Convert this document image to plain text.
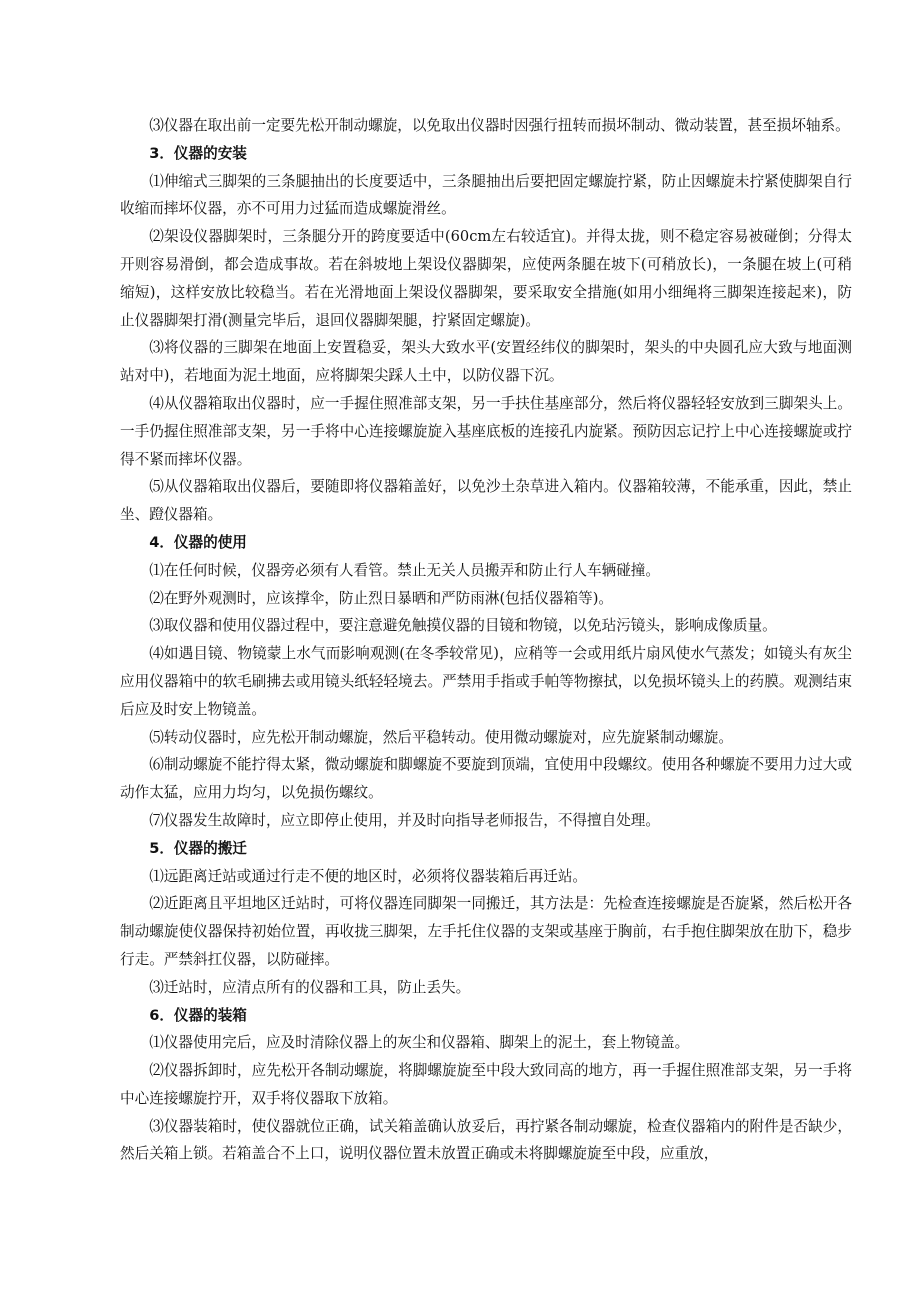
⑶仪器在取出前一定要先松开制动螺旋，以免取出仪器时因强行扭转而损坏制动、微动装置，甚至损坏轴系。

3．仪器的安装

⑴伸缩式三脚架的三条腿抽出的长度要适中，三条腿抽出后要把固定螺旋拧紧，防止因螺旋未拧紧使脚架自行收缩而摔坏仪器，亦不可用力过猛而造成螺旋滑丝。

⑵架设仪器脚架时，三条腿分开的跨度要适中(60cm左右较适宜)。并得太拢，则不稳定容易被碰倒；分得太开则容易滑倒，都会造成事故。若在斜坡地上架设仪器脚架，应使两条腿在坡下(可稍放长)，一条腿在坡上(可稍缩短)，这样安放比较稳当。若在光滑地面上架设仪器脚架，要采取安全措施(如用小细绳将三脚架连接起来)，防止仪器脚架打滑(测量完毕后，退回仪器脚架腿，拧紧固定螺旋)。

⑶将仪器的三脚架在地面上安置稳妥，架头大致水平(安置经纬仪的脚架时，架头的中央圆孔应大致与地面测站对中)，若地面为泥土地面，应将脚架尖踩人土中，以防仪器下沉。

⑷从仪器箱取出仪器时，应一手握住照准部支架，另一手扶住基座部分，然后将仪器轻轻安放到三脚架头上。一手仍握住照准部支架，另一手将中心连接螺旋旋入基座底板的连接孔内旋紧。预防因忘记拧上中心连接螺旋或拧得不紧而摔坏仪器。

⑸从仪器箱取出仪器后，要随即将仪器箱盖好，以免沙土杂草进入箱内。仪器箱较薄，不能承重，因此，禁止坐、蹬仪器箱。

4．仪器的使用

⑴在任何时候，仪器旁必须有人看管。禁止无关人员搬弄和防止行人车辆碰撞。

⑵在野外观测时，应该撑伞，防止烈日暴晒和严防雨淋(包括仪器箱等)。

⑶取仪器和使用仪器过程中，要注意避免触摸仪器的目镜和物镜，以免玷污镜头，影响成像质量。

⑷如遇目镜、物镜蒙上水气而影响观测(在冬季较常见)，应稍等一会或用纸片扇风使水气蒸发；如镜头有灰尘应用仪器箱中的软毛刷拂去或用镜头纸轻轻境去。严禁用手指或手帕等物擦拭，以免损坏镜头上的药膜。观测结束后应及时安上物镜盖。

⑸转动仪器时，应先松开制动螺旋，然后平稳转动。使用微动螺旋对，应先旋紧制动螺旋。

⑹制动螺旋不能拧得太紧，微动螺旋和脚螺旋不要旋到顶端，宜使用中段螺纹。使用各种螺旋不要用力过大或动作太猛，应用力均匀，以免损伤螺纹。

⑺仪器发生故障时，应立即停止使用，并及时向指导老师报告，不得擅自处理。

5．仪器的搬迁

⑴远距离迁站或通过行走不便的地区时，必须将仪器装箱后再迁站。

⑵近距离且平坦地区迁站时，可将仪器连同脚架一同搬迁，其方法是：先检查连接螺旋是否旋紧，然后松开各制动螺旋使仪器保持初始位置，再收拢三脚架，左手托住仪器的支架或基座于胸前，右手抱住脚架放在肋下，稳步行走。严禁斜扛仪器，以防碰摔。

⑶迁站时，应清点所有的仪器和工具，防止丢失。

6．仪器的装箱

⑴仪器使用完后，应及时清除仪器上的灰尘和仪器箱、脚架上的泥土，套上物镜盖。

⑵仪器拆卸时，应先松开各制动螺旋，将脚螺旋旋至中段大致同高的地方，再一手握住照准部支架，另一手将中心连接螺旋拧开，双手将仪器取下放箱。

⑶仪器装箱时，使仪器就位正确，试关箱盖确认放妥后，再拧紧各制动螺旋，检查仪器箱内的附件是否缺少，然后关箱上锁。若箱盖合不上口，说明仪器位置未放置正确或未将脚螺旋旋至中段，应重放，
